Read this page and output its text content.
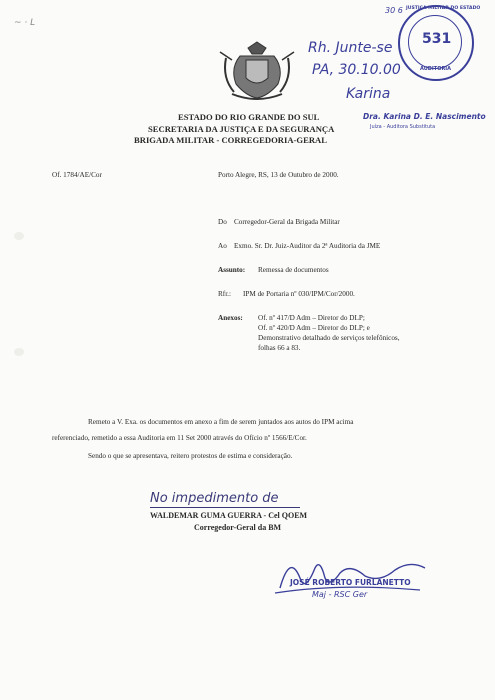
~ · L
30 6
Rh. Junte-se
PA, 30.10.00
Karina
JUSTIÇA MILITAR DO ESTADO
531
AUDITORIA
Dra. Karina D. E. Nascimento
Juíza - Auditora Substituta
ESTADO DO RIO GRANDE DO SUL
SECRETARIA DA JUSTIÇA E DA SEGURANÇA
BRIGADA MILITAR - CORREGEDORIA-GERAL
Of. 1784/AE/Cor	Porto Alegre, RS, 13 de Outubro de 2000.
Do Corregedor-Geral da Brigada Militar
Ao Exmo. Sr. Dr. Juiz-Auditor da 2ª Auditoria da JME
Assunto: Remessa de documentos
Rfr.: IPM de Portaria nº 030/IPM/Cor/2000.
Anexos: Of. nº 417/D Adm – Diretor do DLP;
Of. nº 420/D Adm – Diretor do DLP; e
Demonstrativo detalhado de serviços telefônicos,
folhas 66 a 83.
Remeto a V. Exa. os documentos em anexo a fim de serem juntados aos autos do IPM acima
referenciado, remetido a essa Auditoria em 11 Set 2000 através do Ofício nº 1566/E/Cor.
Sendo o que se apresentava, reitero protestos de estima e consideração.
No impedimento de
WALDEMAR GUMA GUERRA - Cel QOEM
Corregedor-Geral da BM
JOSÉ ROBERTO FURLANETTO
Maj - RSC Ger
